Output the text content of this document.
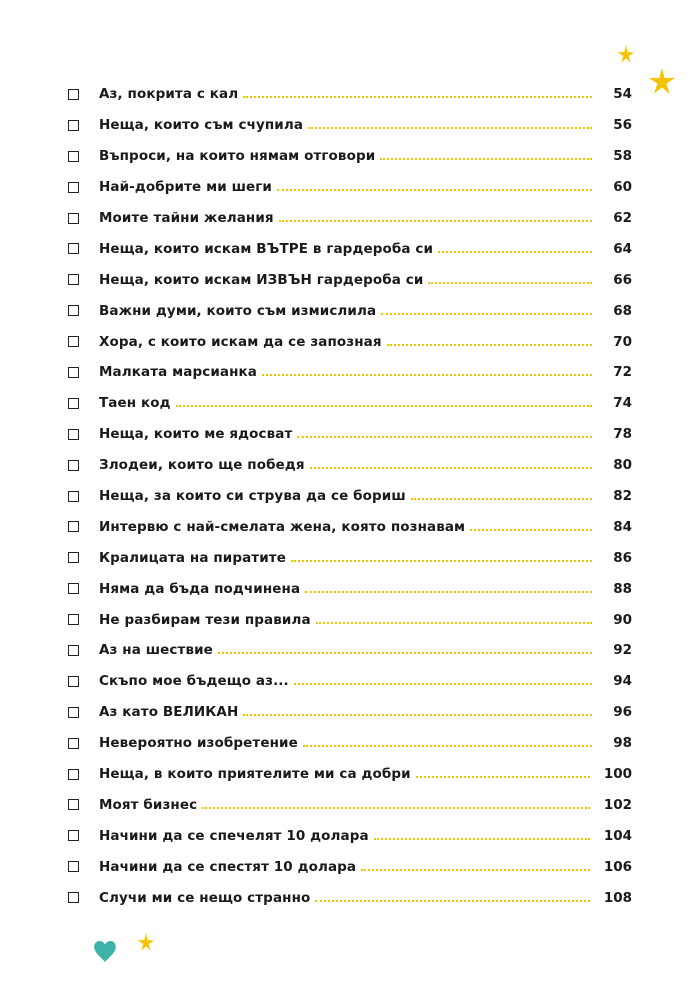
Аз, покрита с кал	54
Неща, които съм счупила	56
Въпроси, на които нямам отговори	58
Най-добрите ми шеги	60
Моите тайни желания	62
Неща, които искам ВЪТРЕ в гардероба си	64
Неща, които искам ИЗВЪН гардероба си	66
Важни думи, които съм измислила	68
Хора, с които искам да се запозная	70
Малката марсианка	72
Таен код	74
Неща, които ме ядосват	78
Злодеи, които ще победя	80
Неща, за които си струва да се бориш	82
Интервю с най-смелата жена, която познавам	84
Кралицата на пиратите	86
Няма да бъда подчинена	88
Не разбирам тези правила	90
Аз на шествие	92
Скъпо мое бъдещо аз...	94
Аз като ВЕЛИКАН	96
Невероятно изобретение	98
Неща, в които приятелите ми са добри	100
Моят бизнес	102
Начини да се спечелят 10 долара	104
Начини да се спестят 10 долара	106
Случи ми се нещо странно	108
